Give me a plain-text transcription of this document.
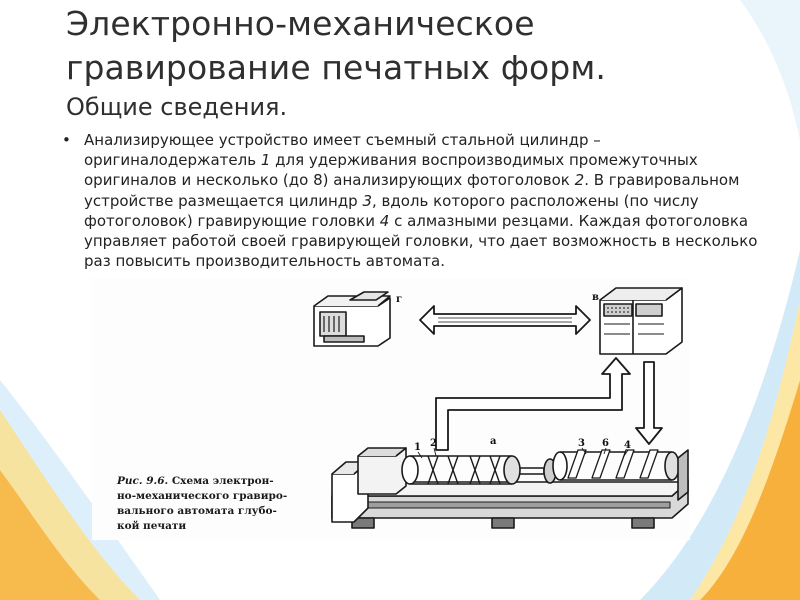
Электронно-механическое
гравирование печатных форм.
Общие сведения.
• Анализирующее устройство имеет съемный стальной цилиндр – оригиналодержатель 1 для удерживания воспроизводимых промежуточных оригиналов и несколько (до 8) анализирующих фотоголовок 2. В гравировальном устройстве размещается цилиндр 3, вдоль которого расположены (по числу фотоголовок) гравирующие головки 4 с алмазными резцами. Каждая фотоголовка управляет работой своей гравирующей головки, что дает возможность в несколько раз повысить производительность автомата.
г	в
1 2	а	3 6 4
Рис. 9.6. Схема электрон-
но-механического гравиро-
вального автомата глубо-
кой печати
